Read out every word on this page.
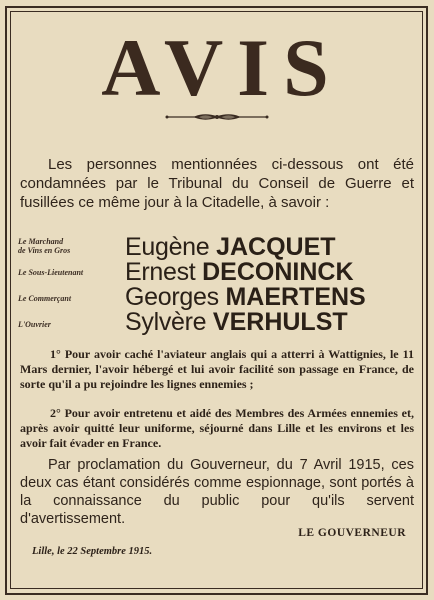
AVIS
Les personnes mentionnées ci-dessous ont été condamnées par le Tribunal du Conseil de Guerre et fusillées ce même jour à la Citadelle, à savoir :
Le Marchand
de Vins en Gros	Eugène JACQUET
Le Sous-Lieutenant	Ernest DECONINCK
Le Commerçant	Georges MAERTENS
L'Ouvrier	Sylvère VERHULST
1° Pour avoir caché l'aviateur anglais qui a atterri à Wattignies, le 11 Mars dernier, l'avoir hébergé et lui avoir facilité son passage en France, de sorte qu'il a pu rejoindre les lignes ennemies ;
2° Pour avoir entretenu et aidé des Membres des Armées ennemies et, après avoir quitté leur uniforme, séjourné dans Lille et les environs et les avoir fait évader en France.
Par proclamation du Gouverneur, du 7 Avril 1915, ces deux cas étant considérés comme espionnage, sont portés à la connaissance du public pour qu'ils servent d'avertissement.
LE GOUVERNEUR
Lille, le 22 Septembre 1915.
